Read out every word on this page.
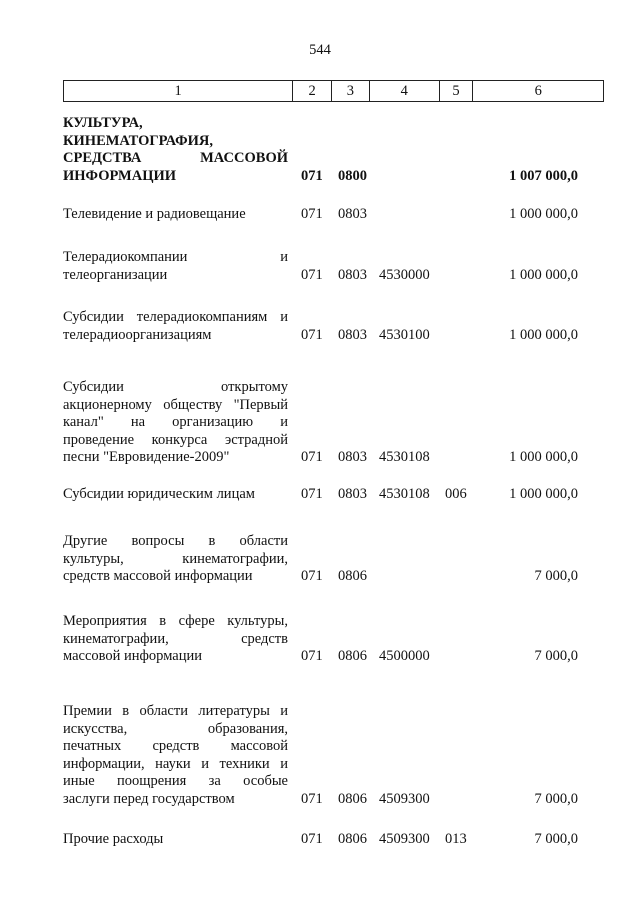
544
1	2	3	4	5	6
КУЛЬТУРА,
КИНЕМАТОГРАФИЯ,
СРЕДСТВА МАССОВОЙ
ИНФОРМАЦИИ	071 0800	1 007 000,0
Телевидение и радиовещание	071 0803	1 000 000,0
Телерадиокомпании и
телеорганизации	071 0803 4530000	1 000 000,0
Субсидии телерадиокомпаниям и
телерадиоорганизациям	071 0803 4530100	1 000 000,0
Субсидии открытому
акционерному обществу "Первый
канал" на организацию и
проведение конкурса эстрадной
песни "Евровидение-2009"	071 0803 4530108	1 000 000,0
Субсидии юридическим лицам	071 0803 4530108 006	1 000 000,0
Другие вопросы в области
культуры, кинематографии,
средств массовой информации	071 0806	7 000,0
Мероприятия в сфере культуры,
кинематографии, средств
массовой информации	071 0806 4500000	7 000,0
Премии в области литературы и
искусства, образования,
печатных средств массовой
информации, науки и техники и
иные поощрения за особые
заслуги перед государством	071 0806 4509300	7 000,0
Прочие расходы	071 0806 4509300 013	7 000,0
